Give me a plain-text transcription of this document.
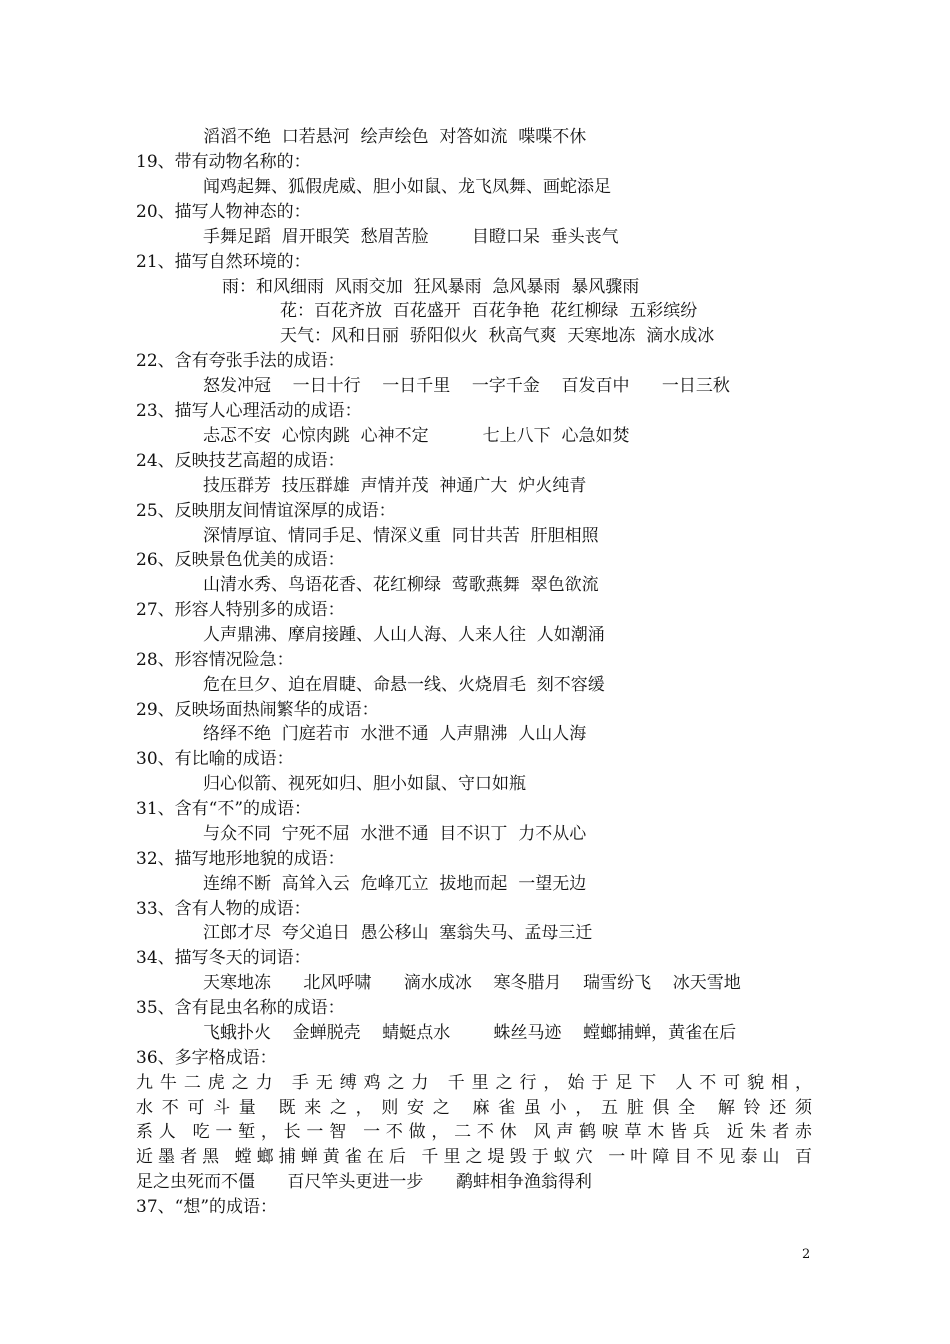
滔滔不绝  口若悬河  绘声绘色  对答如流  喋喋不休

19、带有动物名称的：

闻鸡起舞、狐假虎威、胆小如鼠、龙飞凤舞、画蛇添足

20、描写人物神态的：

手舞足蹈  眉开眼笑  愁眉苦脸        目瞪口呆  垂头丧气

21、描写自然环境的：

雨：和风细雨  风雨交加  狂风暴雨  急风暴雨  暴风骤雨

花：百花齐放  百花盛开  百花争艳  花红柳绿  五彩缤纷

天气：风和日丽  骄阳似火  秋高气爽  天寒地冻  滴水成冰

22、含有夸张手法的成语：

怒发冲冠    一日十行    一日千里    一字千金    百发百中      一日三秋

23、描写人心理活动的成语：

忐忑不安  心惊肉跳  心神不定          七上八下  心急如焚

24、反映技艺高超的成语：

技压群芳  技压群雄  声情并茂  神通广大  炉火纯青

25、反映朋友间情谊深厚的成语：

深情厚谊、情同手足、情深义重  同甘共苦  肝胆相照

26、反映景色优美的成语：

山清水秀、鸟语花香、花红柳绿  莺歌燕舞  翠色欲流

27、形容人特别多的成语：

人声鼎沸、摩肩接踵、人山人海、人来人往  人如潮涌

28、形容情况险急：

危在旦夕、迫在眉睫、命悬一线、火烧眉毛  刻不容缓

29、反映场面热闹繁华的成语：

络绎不绝  门庭若市  水泄不通  人声鼎沸  人山人海

30、有比喻的成语：

归心似箭、视死如归、胆小如鼠、守口如瓶

31、含有“不”的成语：

与众不同  宁死不屈  水泄不通  目不识丁  力不从心

32、描写地形地貌的成语：

连绵不断  高耸入云  危峰兀立  拔地而起  一望无边

33、含有人物的成语：

江郎才尽  夸父追日  愚公移山  塞翁失马、孟母三迁

34、描写冬天的词语：

天寒地冻      北风呼啸      滴水成冰    寒冬腊月    瑞雪纷飞    冰天雪地

35、含有昆虫名称的成语：

飞蛾扑火    金蝉脱壳    蜻蜓点水        蛛丝马迹    螳螂捕蝉，黄雀在后

36、多字格成语：

九牛二虎之力 手无缚鸡之力 千里之行，始于足下 人不可貌相，

水不可斗量 既来之，则安之 麻雀虽小，五脏俱全 解铃还须

系人 吃一堑，长一智 一不做，二不休 风声鹤唳草木皆兵 近朱者赤

近墨者黑 螳螂捕蝉黄雀在后 千里之堤毁于蚁穴 一叶障目不见泰山 百

足之虫死而不僵      百尺竿头更进一步      鹬蚌相争渔翁得利

37、“想”的成语：

2
